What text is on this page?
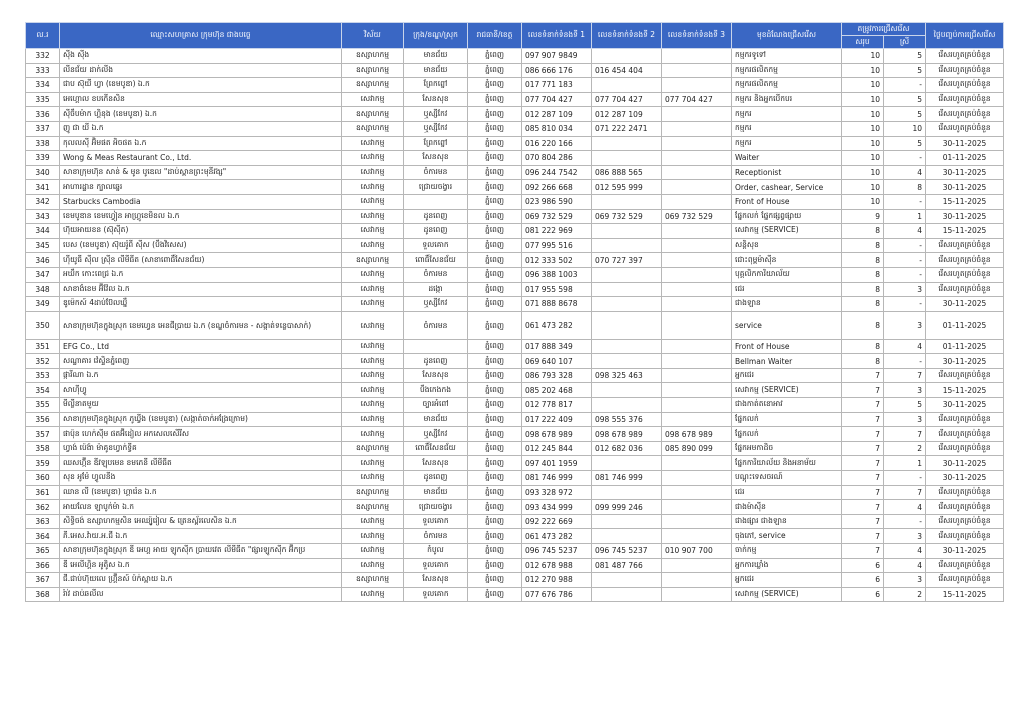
ល.រ	ឈ្មោះសហគ្រាស ក្រុមហ៊ុន ជាងបច្ចេ	វិស័យ	ក្រុង/ខណ្ឌ/ស្រុក	រាជធានី/ខេត្ត	លេខទំនាក់ទំនងទី 1	លេខទំនាក់ទំនងទី 2	លេខទំនាក់ទំនងទី 3	មុខដំណែងជ្រើសរើស	តម្រូវការជ្រើសរើស		ថ្ងៃបញ្ចប់ការជ្រើសរើស
									សរុប	ស្រី	
332	ស៊ីង ស៊ីង	ឧស្សាហកម្ម	មានជ័យ	ភ្នំពេញ	097 907 9849			កម្មករទូទៅ	10	5	រើសរហូតគ្រប់ចំនួន
333	លីនជ័យ ដាក់លីង	ឧស្សាហកម្ម	មានជ័យ	ភ្នំពេញ	086 666 176	016 454 404		កម្មករផលិតកម្ម	10	5	រើសរហូតគ្រប់ចំនួន
334	ជាប ស៊ុយី ហ្វា (ខេមបូឌា) ឯ.ក	ឧស្សាហកម្ម	ព្រែកព្នៅ	ភ្នំពេញ	017 771 183			កម្មករផលិតកម្ម	10	-	រើសរហូតគ្រប់ចំនួន
335	អេហ្គោល ខបកើនសិន	សេវាកម្ម	សែនសុខ	ភ្នំពេញ	077 704 427	077 704 427	077 704 427	កម្មករ និងអ្នកបើកបរ	10	5	រើសរហូតគ្រប់ចំនួន
336	ស៊ីចឹបម៉ាក ហ្គិនុង (ខេមបូឌា) ឯ.ក	ឧស្សាហកម្ម	ឬស្សីកែវ	ភ្នំពេញ	012 287 109	012 287 109		កម្មករ	10	5	រើសរហូតគ្រប់ចំនួន
337	ញូ ជា យី ឯ.ក	ឧស្សាហកម្ម	ឬស្សីកែវ	ភ្នំពេញ	085 810 034	071 222 2471		កម្មករ	10	10	រើសរហូតគ្រប់ចំនួន
338	កុលលស៊ី អ៊ិមផត អិចផត ឯ.ក	សេវាកម្ម	ព្រែកព្នៅ	ភ្នំពេញ	016 220 166			កម្មករ	10	5	30-11-2025
339	Wong & Meas Restaurant Co., Ltd.	សេវាកម្ម	សែនសុខ	ភ្នំពេញ	070 804 286			Waiter	10	-	01-11-2025
340	សាខាក្រុមហ៊ុន សាន់ & មូន បូឌេល "ដាប់ស្ពានព្រះមុនីវង្ស"	សេវាកម្ម	ចំការមន	ភ្នំពេញ	096 244 7542	086 888 565		Receptionist	10	4	30-11-2025
341	អាហារដ្ឋាន ក្បាលឆ្នេរ	សេវាកម្ម	ជ្រោយចង្វារ	ភ្នំពេញ	092 266 668	012 595 999		Order, cashear, Service	10	8	30-11-2025
342	Starbucks Cambodia	សេវាកម្ម		ភ្នំពេញ	023 986 590			Front of House	10	-	15-11-2025
343	ខេមបូឌាន ខេមហ្វៀន អាហ្គ្រូខេមិខល ឯ.ក	សេវាកម្ម	ដូនពេញ	ភ្នំពេញ	069 732 529	069 732 529	069 732 529	ផ្នែកលក់ ផ្នែកផ្សព្វផ្សាយ	9	1	30-11-2025
344	ហ៊ុយអាយខន (ស៊ុស៊ីត)	សេវាកម្ម	ដូនពេញ	ភ្នំពេញ	081 222 969			សេវាកម្ម (SERVICE)	8	4	15-11-2025
345	បេស (ខេមបូឌា) ស៊ុយរ៉ូពី ស៊ីស (បឹងវិសេស)	សេវាកម្ម	ទួលគោក	ភ្នំពេញ	077 995 516			សន្តិសុខ	8	-	រើសរហូតគ្រប់ចំនួន
346	ហ៊ីយូធី ស៊ីល ស្រ៊ីន លីមីធីត (សាខាពោធិ៍សែនជ័យ)	ឧស្សាហកម្ម	ពោធិ៍សែនជ័យ	ភ្នំពេញ	012 333 502	070 727 397		ជោះពុម្ពម៉ាស៊ីន	8	-	រើសរហូតគ្រប់ចំនួន
347	អឃឹក កោះពេជ្រ ឯ.ក	សេវាកម្ម	ចំការមន	ភ្នំពេញ	096 388 1003			បុគ្គលិកការិយាល័យ	8	-	រើសរហូតគ្រប់ចំនួន
348	សាខាងំខេម អ៊ីវ៉ែល ឯ.ក	សេវាកម្ម	ដង្កោ	ភ្នំពេញ	017 955 598			ជេរ	8	3	រើសរហូតគ្រប់ចំនួន
349	ឌូម៉េកស៍ 4ដាប់ប៊ែលឃ្នឹ	សេវាកម្ម	ឬស្សីកែវ	ភ្នំពេញ	071 888 8678			ជាងឡាន	8	-	30-11-2025
350	សាខាក្រុមហ៊ុនក្នុងស្រុក ខេមហ្វេន អេនជីប្រាយ ឯ.ក (ខណ្ឌចំការមន - សង្កាត់ទន្លេបាសាក់)	សេវាកម្ម	ចំការមន	ភ្នំពេញ	061 473 282			service	8	3	01-11-2025
351	EFG Co., Ltd	សេវាកម្ម		ភ្នំពេញ	017 888 349			Front of House	8	4	01-11-2025
352	សណ្ឋាគារ វ៉េស្ទិនភ្នំពេញ	សេវាកម្ម	ដូនពេញ	ភ្នំពេញ	069 640 107			Bellman Waiter	8	-	30-11-2025
353	ផ្ការីណា ឯ.ក	សេវាកម្ម	សែនសុខ	ភ្នំពេញ	086 793 328	098 325 463		អ្នកជេរ	7	7	រើសរហូតគ្រប់ចំនួន
354	សាហ៊ីហ្វូ	សេវាកម្ម	បឹងកេងកង	ភ្នំពេញ	085 202 468			សេវាកម្ម (SERVICE)	7	3	15-11-2025
355	មីល្លីនាតមួយ	សេវាកម្ម	ច្បារអំពៅ	ភ្នំពេញ	012 778 817			ជាងកាត់តខោអាវ	7	5	30-11-2025
356	សាខាក្រុមហ៊ុនក្នុងស្រុក ភូឃ្វីង (ខេមបូឌា) (សង្កាត់ចាក់អង្រែក្រោម)	សេវាកម្ម	មានជ័យ	ភ្នំពេញ	017 222 409	098 555 376		ផ្នែកលក់	7	3	រើសរហូតគ្រប់ចំនួន
357	ផាប៉ុន ហេក់ស៊ីម ផតអ៊ីដៀល អកសេលសើរីស	សេវាកម្ម	ឬស្សីកែវ	ភ្នំពេញ	098 678 989	098 678 989	098 678 989	ផ្នែកលក់	7	7	រើសរហូតគ្រប់ចំនួន
358	ហ្វាង់ ប៉េង៉ា ម៉ាគូខហ្វាក់ទ្វីគ	ឧស្សាហកម្ម	ពោធិ៍សែនជ័យ	ភ្នំពេញ	012 245 844	012 682 036	085 890 099	ផ្នែកអមកាដិច	7	2	រើសរហូតគ្រប់ចំនួន
359	ឈសហ្ក៊ីន ឌីវឡុបមេន ខមភេនី លីមីធីត	សេវាកម្ម	សែនសុខ	ភ្នំពេញ	097 401 1959			ផ្នែកការិយាល័យ និងអនាម័យ	7	1	30-11-2025
360	សុខ អូម៉ែ ហ្វូលនីង	សេវាកម្ម	ដូនពេញ	ភ្នំពេញ	081 746 999	081 746 999		បណ្តុះទេសចរណ៍	7	-	30-11-2025
361	ឈាន លី (ខេមបូឌា) ហ្គារ៉េន ឯ.ក	ឧស្សាហកម្ម	មានជ័យ	ភ្នំពេញ	093 328 972			ជេរ	7	7	រើសរហូតគ្រប់ចំនួន
362	អាយលែន ឡាបូក់ម៉ា ឯ.ក	ឧស្សាហកម្ម	ជ្រោយចង្វារ	ភ្នំពេញ	093 434 999	099 999 246		ជាងម៉ាស៊ីន	7	4	រើសរហូតគ្រប់ចំនួន
363	សិទ្ធិចង់ ឧស្សាហកម្មសិន អេឈ្យ៉ូរៀល & ត្រេនស្ព័រលេសិន ឯ.ក	សេវាកម្ម	ទួលគោក	ភ្នំពេញ	092 222 669			ជាងផ្សារ ជាងឡាន	7	-	រើសរហូតគ្រប់ចំនួន
364	ភី.អេស.វ៉ាយ.អ.ជី ឯ.ក	សេវាកម្ម	ចំការមន	ភ្នំពេញ	061 473 282			ចុងភៅ, service	7	3	រើសរហូតគ្រប់ចំនួន
365	សាខាក្រុមហ៊ុនក្នុងស្រុក ឌី អេហ្គ អាយ ឡូកស៊ីក ប្រាយវេត លីមីធីត "ផ្សារឡូកស៊ីក អ៊ីកប្រ	សេវាកម្ម	កំបូល	ភ្នំពេញ	096 745 5237	096 745 5237	010 907 700	ចាក់កម្ម	7	4	30-11-2025
366	ឌី អេលីហ្គិន អូតូិស ឯ.ក	សេវាកម្ម	ទួលគោក	ភ្នំពេញ	012 678 988	081 487 766		អ្នកការឃ្លាំង	6	4	រើសរហូតគ្រប់ចំនួន
367	ជី.ជាប់ហ៊ុយលេ ហ្គ្រ៊ីនស៍ ប៉ក់ស្អាយ ឯ.ក	ឧស្សាហកម្ម	សែនសុខ	ភ្នំពេញ	012 270 988			អ្នកជេរ	6	3	រើសរហូតគ្រប់ចំនួន
368	រ៉ាវ់ ដាប់ឆលីល	សេវាកម្ម	ទួលគោក	ភ្នំពេញ	077 676 786			សេវាកម្ម (SERVICE)	6	2	15-11-2025
